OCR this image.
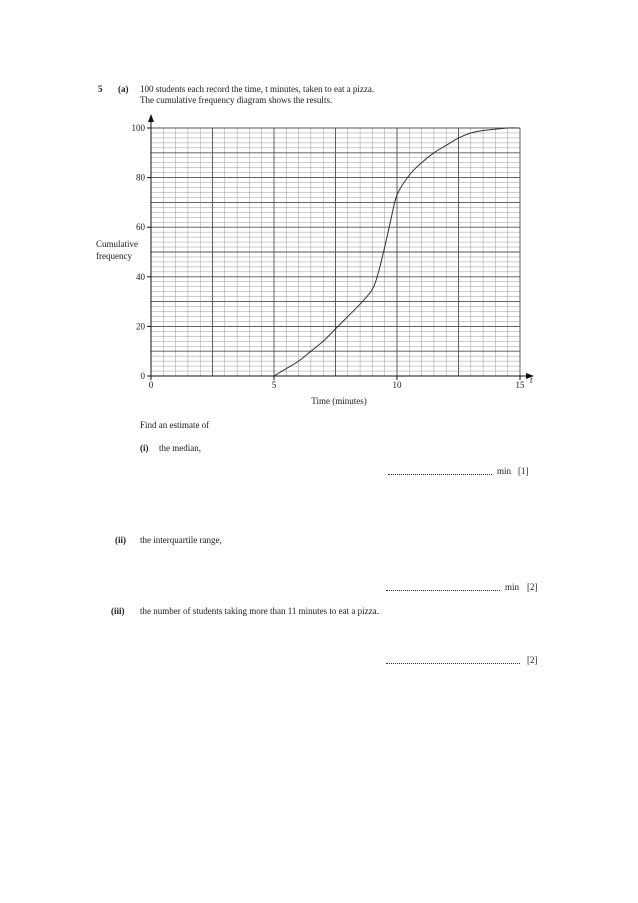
5 (a) 100 students each record the time, t minutes, taken to eat a pizza.
The cumulative frequency diagram shows the results.
0	5	10	15
0
20
40
60
80
100
Time (minutes)
t
Cumulative
frequency
Find an estimate of
(i) the median,
min [1]
(ii) the interquartile range,
min [2]
(iii) the number of students taking more than 11 minutes to eat a pizza.
[2]
